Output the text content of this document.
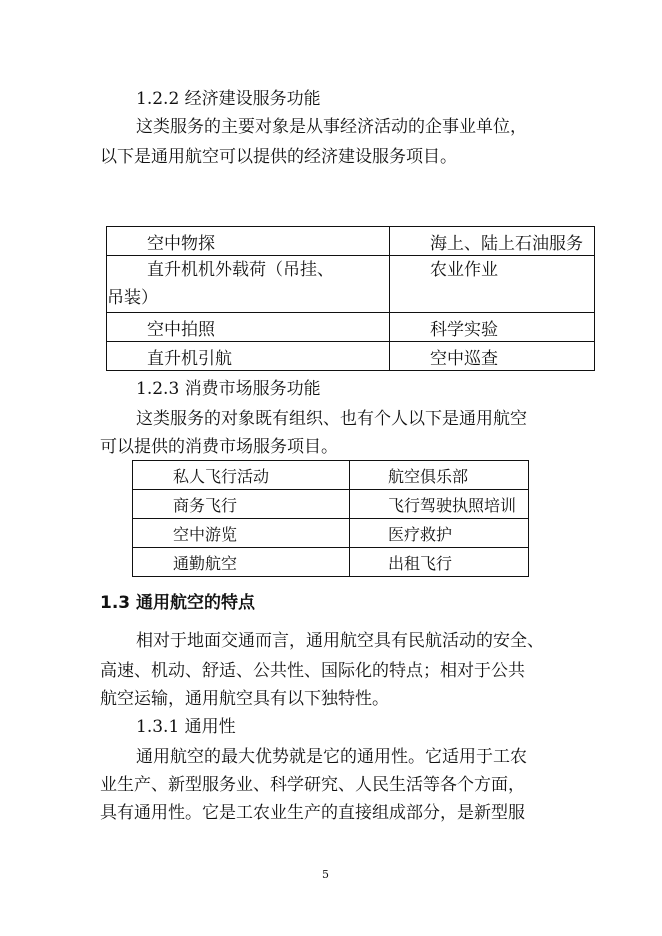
1.2.2 经济建设服务功能
这类服务的主要对象是从事经济活动的企事业单位，
以下是通用航空可以提供的经济建设服务项目。
空中物探	海上、陆上石油服务

直升机机外载荷（吊挂、
吊装）	农业作业
空中拍照	科学实验
直升机引航	空中巡查
1.2.3 消费市场服务功能
这类服务的对象既有组织、也有个人以下是通用航空
可以提供的消费市场服务项目。
私人飞行活动	航空俱乐部
商务飞行	飞行驾驶执照培训
空中游览	医疗救护
通勤航空	出租飞行
1.3 通用航空的特点
相对于地面交通而言，通用航空具有民航活动的安全、
高速、机动、舒适、公共性、国际化的特点；相对于公共
航空运输，通用航空具有以下独特性。
1.3.1 通用性
通用航空的最大优势就是它的通用性。它适用于工农
业生产、新型服务业、科学研究、人民生活等各个方面，
具有通用性。它是工农业生产的直接组成部分，是新型服
5
